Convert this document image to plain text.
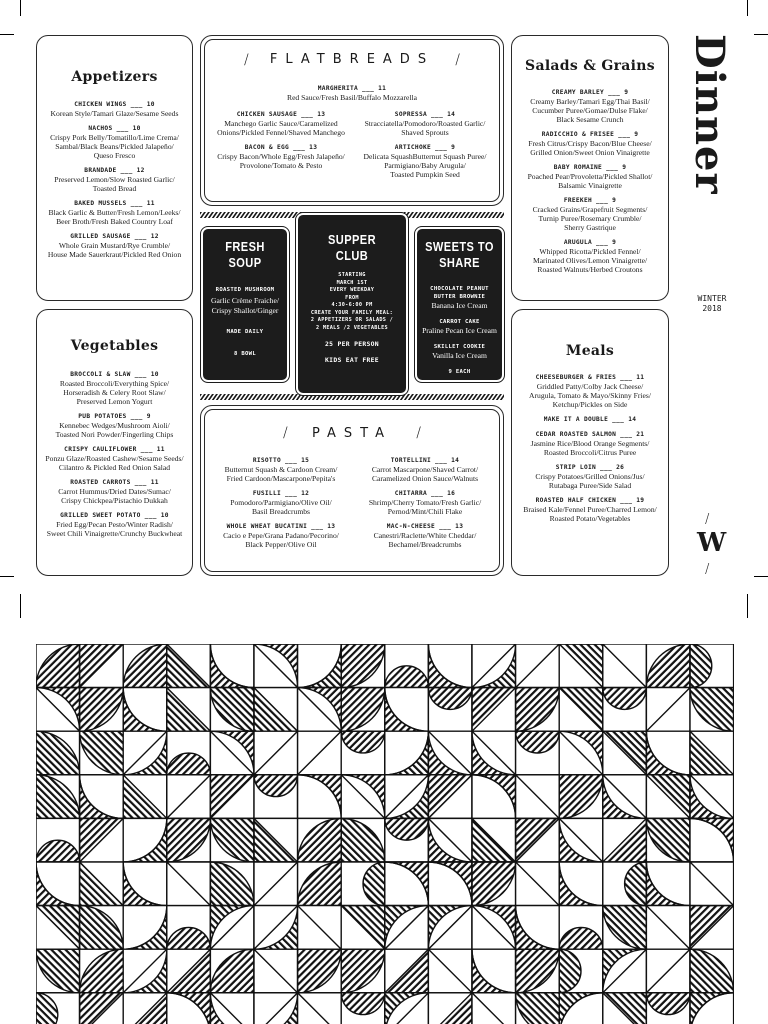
Appetizers
CHICKEN WINGS ___ 10
Korean Style/Tamari Glaze/Sesame Seeds
NACHOS ___ 10
Crispy Pork Belly/Tomatillo/Lime Crema/
Sambal/Black Beans/Pickled Jalapeño/
Queso Fresco
BRANDADE ___ 12
Preserved Lemon/Slow Roasted Garlic/
Toasted Bread
BAKED MUSSELS ___ 11
Black Garlic & Butter/Fresh Lemon/Leeks/
Beer Broth/Fresh Baked Country Loaf
GRILLED SAUSAGE ___ 12
Whole Grain Mustard/Rye Crumble/
House Made Sauerkraut/Pickled Red Onion
Vegetables
BROCCOLI & SLAW ___ 10
Roasted Broccoli/Everything Spice/
Horseradish & Celery Root Slaw/
Preserved Lemon Yogurt
PUB POTATOES ___ 9
Kennebec Wedges/Mushroom Aioli/
Toasted Nori Powder/Fingerling Chips
CRISPY CAULIFLOWER ___ 11
Ponzu Glaze/Roasted Cashew/Sesame Seeds/
Cilantro & Pickled Red Onion Salad
ROASTED CARROTS ___ 11
Carrot Hummus/Dried Dates/Sumac/
Crispy Chickpea/Pistachio Dukkah
GRILLED SWEET POTATO ___ 10
Fried Egg/Pecan Pesto/Winter Radish/
Sweet Chili Vinaigrette/Crunchy Buckwheat
/	/
FLATBREADS
MARGHERITA ___ 11
Red Sauce/Fresh Basil/Buffalo Mozzarella
CHICKEN SAUSAGE ___ 13
Manchego Garlic Sauce/Caramelized
Onions/Pickled Fennel/Shaved Manchego
BACON & EGG ___ 13
Crispy Bacon/Whole Egg/Fresh Jalapeño/
Provolone/Tomato & Pesto
SOPRESSA ___ 14
Stracciatella/Pomodoro/Roasted Garlic/
Shaved Sprouts
ARTICHOKE ___ 9
Delicata SquashButternut Squash Puree/
Parmigiano/Baby Arugula/
Toasted Pumpkin Seed
FRESH
SOUP
ROASTED MUSHROOM
Garlic Crème Fraiche/
Crispy Shallot/Ginger
MADE DAILY
8 BOWL
SUPPER
CLUB
STARTING
MARCH 1ST
EVERY WEEKDAY
FROM
4:30-6:00 PM
CREATE YOUR FAMILY MEAL:
2 APPETIZERS OR SALADS /
2 MEALS /2 VEGETABLES
25 PER PERSON
KIDS EAT FREE
SWEETS TO
SHARE
CHOCOLATE PEANUT
BUTTER BROWNIE
Banana Ice Cream
CARROT CAKE
Praline Pecan Ice Cream
SKILLET COOKIE
Vanilla Ice Cream
9 EACH
/	/
PASTA
RISOTTO ___ 15
Butternut Squash & Cardoon Cream/
Fried Cardoon/Mascarpone/Pepita's
FUSILLI ___ 12
Pomodoro/Parmigiano/Olive Oil/
Basil Breadcrumbs
WHOLE WHEAT BUCATINI ___ 13
Cacio e Pepe/Grana Padano/Pecorino/
Black Pepper/Olive Oil
TORTELLINI ___ 14
Carrot Mascarpone/Shaved Carrot/
Caramelized Onion Sauce/Walnuts
CHITARRA ___ 16
Shrimp/Cherry Tomato/Fresh Garlic/
Pernod/Mint/Chili Flake
MAC-N-CHEESE ___ 13
Canestri/Raclette/White Cheddar/
Bechamel/Breadcrumbs
Salads & Grains
CREAMY BARLEY ___ 9
Creamy Barley/Tamari Egg/Thai Basil/
Cucumber Puree/Gomae/Dulse Flake/
Black Sesame Crunch
RADICCHIO & FRISEE ___ 9
Fresh Citrus/Crispy Bacon/Blue Cheese/
Grilled Onion/Sweet Onion Vinaigrette
BABY ROMAINE ___ 9
Poached Pear/Provoletta/Pickled Shallot/
Balsamic Vinaigrette
FREEKEH ___ 9
Cracked Grains/Grapefruit Segments/
Turnip Puree/Rosemary Crumble/
Sherry Gastrique
ARUGULA ___ 9
Whipped Ricotta/Pickled Fennel/
Marinated Olives/Lemon Vinaigrette/
Roasted Walnuts/Herbed Croutons
Meals
CHEESEBURGER & FRIES ___ 11
Griddled Patty/Colby Jack Cheese/
Arugula, Tomato & Mayo/Skinny Fries/
Ketchup/Pickles on Side
MAKE IT A DOUBLE ___ 14
CEDAR ROASTED SALMON ___ 21
Jasmine Rice/Blood Orange Segments/
Roasted Broccoli/Citrus Puree
STRIP LOIN ___ 26
Crispy Potatoes/Grilled Onions/Jus/
Rutabaga Puree/Side Salad
ROASTED HALF CHICKEN ___ 19
Braised Kale/Fennel Puree/Charred Lemon/
Roasted Potato/Vegetables
Dinner
WINTER
2018
/
W
/
